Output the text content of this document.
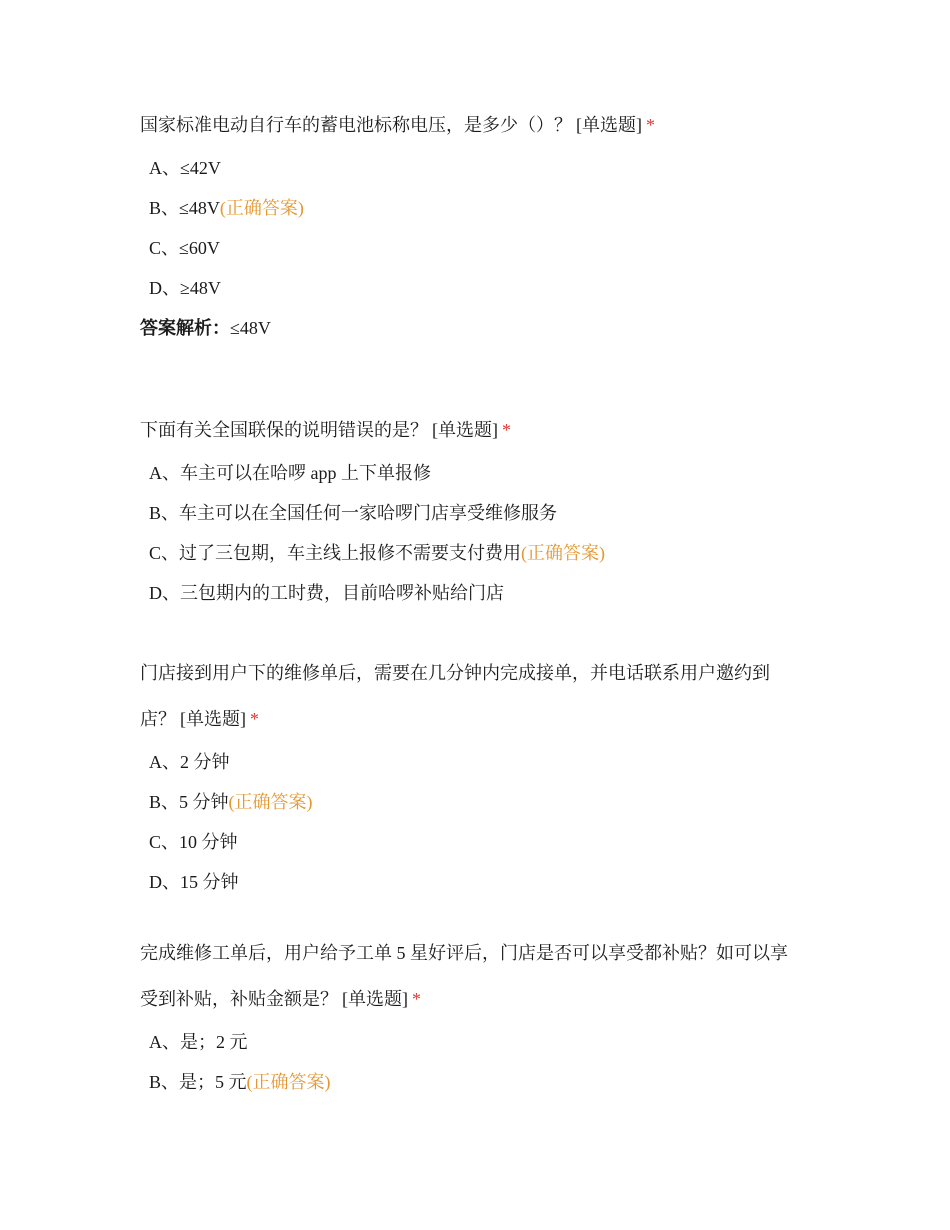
国家标准电动自行车的蓄电池标称电压，是多少（）？ [单选题] *

A、≤42V
B、≤48V(正确答案)
C、≤60V
D、≥48V
答案解析：≤48V

下面有关全国联保的说明错误的是？ [单选题] *

A、车主可以在哈啰 app 上下单报修
B、车主可以在全国任何一家哈啰门店享受维修服务
C、过了三包期，车主线上报修不需要支付费用(正确答案)
D、三包期内的工时费，目前哈啰补贴给门店

门店接到用户下的维修单后，需要在几分钟内完成接单，并电话联系用户邀约到
店？ [单选题] *

A、2 分钟
B、5 分钟(正确答案)
C、10 分钟
D、15 分钟

完成维修工单后，用户给予工单 5 星好评后，门店是否可以享受都补贴？如可以享
受到补贴，补贴金额是？ [单选题] *

A、是；2 元
B、是；5 元(正确答案)
